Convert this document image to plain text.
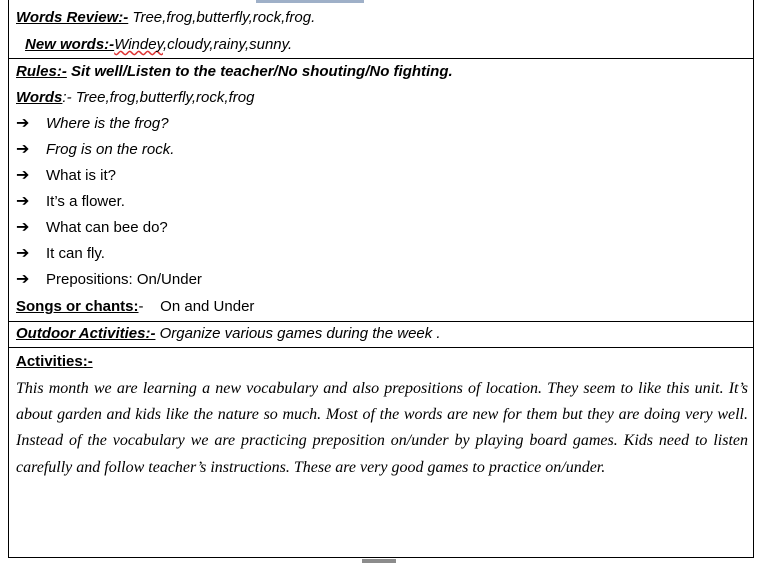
Words Review:- Tree,frog,butterfly,rock,frog.
New words:-Windey,cloudy,rainy,sunny.
Rules:- Sit well/Listen to the teacher/No shouting/No fighting.
Words:- Tree,frog,butterfly,rock,frog
➔ Where is the frog?
➔ Frog is on the rock.
➔ What is it?
➔ It’s a flower.
➔ What can bee do?
➔ It can fly.
➔ Prepositions: On/Under
Songs or chants:-    On and Under
Outdoor Activities:- Organize various games during the week .
Activities:-
This month we are learning a new vocabulary and also prepositions of location. They seem to like this unit. It’s about garden and kids like the nature so much. Most of the words are new for them but they are doing very well. Instead of the vocabulary we are practicing preposition on/under by playing board games. Kids need to listen carefully and follow teacher’s instructions. These are very good games to practice on/under.
